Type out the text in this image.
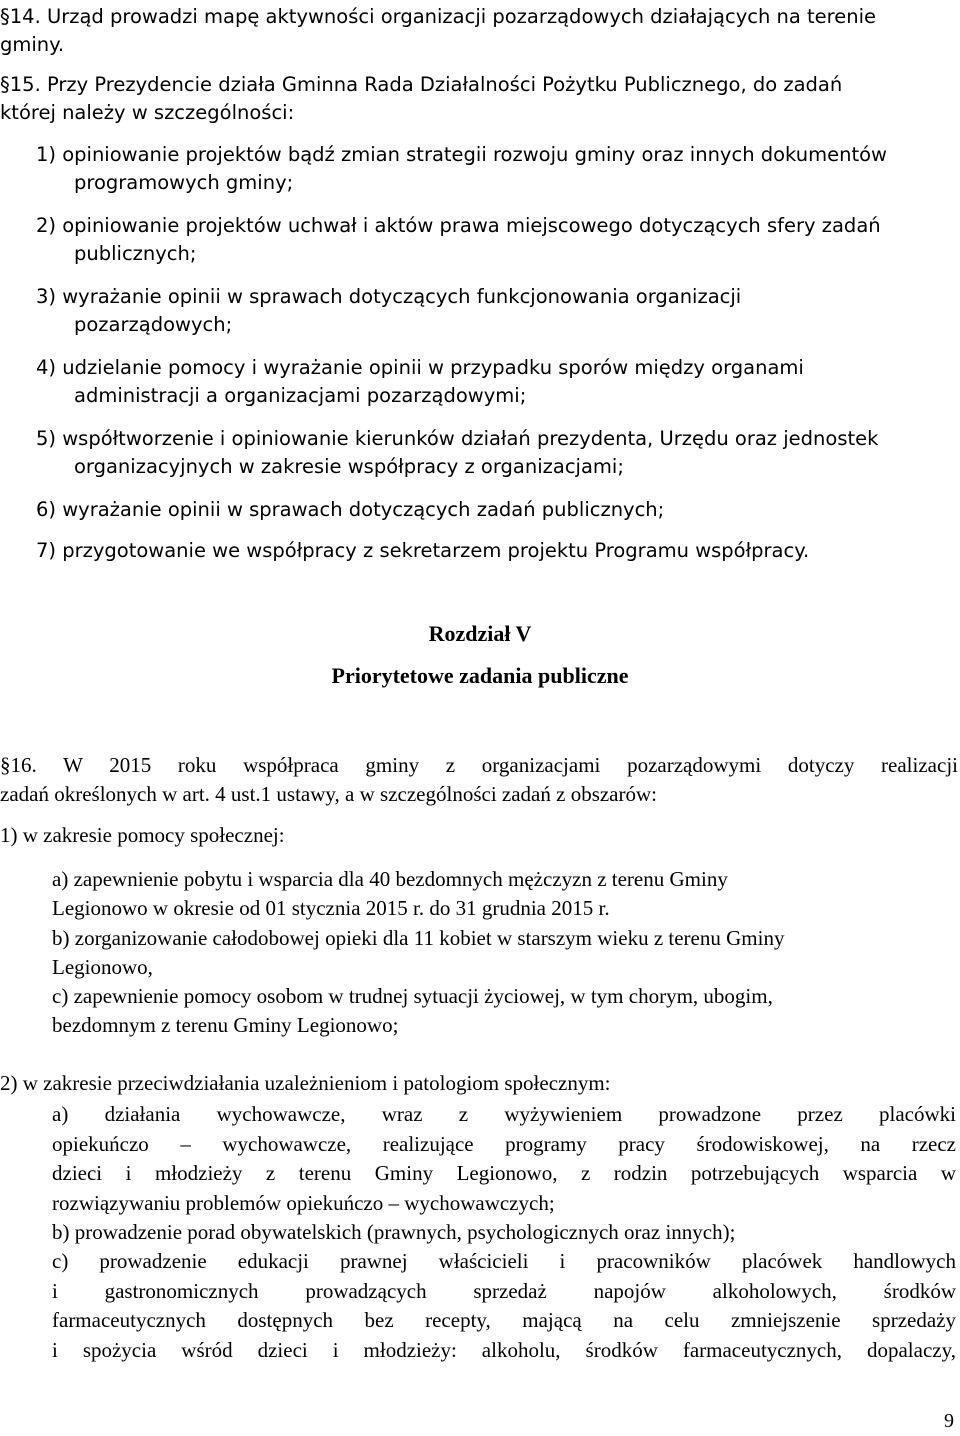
§14. Urząd prowadzi mapę aktywności organizacji pozarządowych działających na terenie
gminy.
§15. Przy Prezydencie działa Gminna Rada Działalności Pożytku Publicznego, do zadań
której należy w szczególności:
1) opiniowanie projektów bądź zmian strategii rozwoju gminy oraz innych dokumentów
programowych gminy;
2) opiniowanie projektów uchwał i aktów prawa miejscowego dotyczących sfery zadań
publicznych;
3) wyrażanie opinii w sprawach dotyczących funkcjonowania organizacji
pozarządowych;
4) udzielanie pomocy i wyrażanie opinii w przypadku sporów między organami
administracji a organizacjami pozarządowymi;
5) współtworzenie i opiniowanie kierunków działań prezydenta, Urzędu oraz jednostek
organizacyjnych w zakresie współpracy z organizacjami;
6) wyrażanie opinii w sprawach dotyczących zadań publicznych;
7) przygotowanie we współpracy z sekretarzem projektu Programu współpracy.
Rozdział V
Priorytetowe zadania publiczne
§16. W 2015 roku współpraca gminy z organizacjami pozarządowymi dotyczy realizacji
zadań określonych w art. 4 ust.1 ustawy, a w szczególności zadań z obszarów:
1) w zakresie pomocy społecznej:
a) zapewnienie pobytu i wsparcia dla 40 bezdomnych mężczyzn z terenu Gminy
Legionowo w okresie od 01 stycznia 2015 r. do 31 grudnia 2015 r.
b) zorganizowanie całodobowej opieki dla 11 kobiet w starszym wieku z terenu Gminy
Legionowo,
c) zapewnienie pomocy osobom w trudnej sytuacji życiowej, w tym chorym, ubogim,
bezdomnym z terenu Gminy Legionowo;
2) w zakresie przeciwdziałania uzależnieniom i patologiom społecznym:
a) działania wychowawcze, wraz z wyżywieniem prowadzone przez placówki
opiekuńczo – wychowawcze, realizujące programy pracy środowiskowej, na rzecz
dzieci i młodzieży z terenu Gminy Legionowo, z rodzin potrzebujących wsparcia w
rozwiązywaniu problemów opiekuńczo – wychowawczych;
b) prowadzenie porad obywatelskich (prawnych, psychologicznych oraz innych);
c) prowadzenie edukacji prawnej właścicieli i pracowników placówek handlowych
i gastronomicznych prowadzących sprzedaż napojów alkoholowych, środków
farmaceutycznych dostępnych bez recepty, mającą na celu zmniejszenie sprzedaży
i spożycia wśród dzieci i młodzieży: alkoholu, środków farmaceutycznych, dopalaczy,
9
